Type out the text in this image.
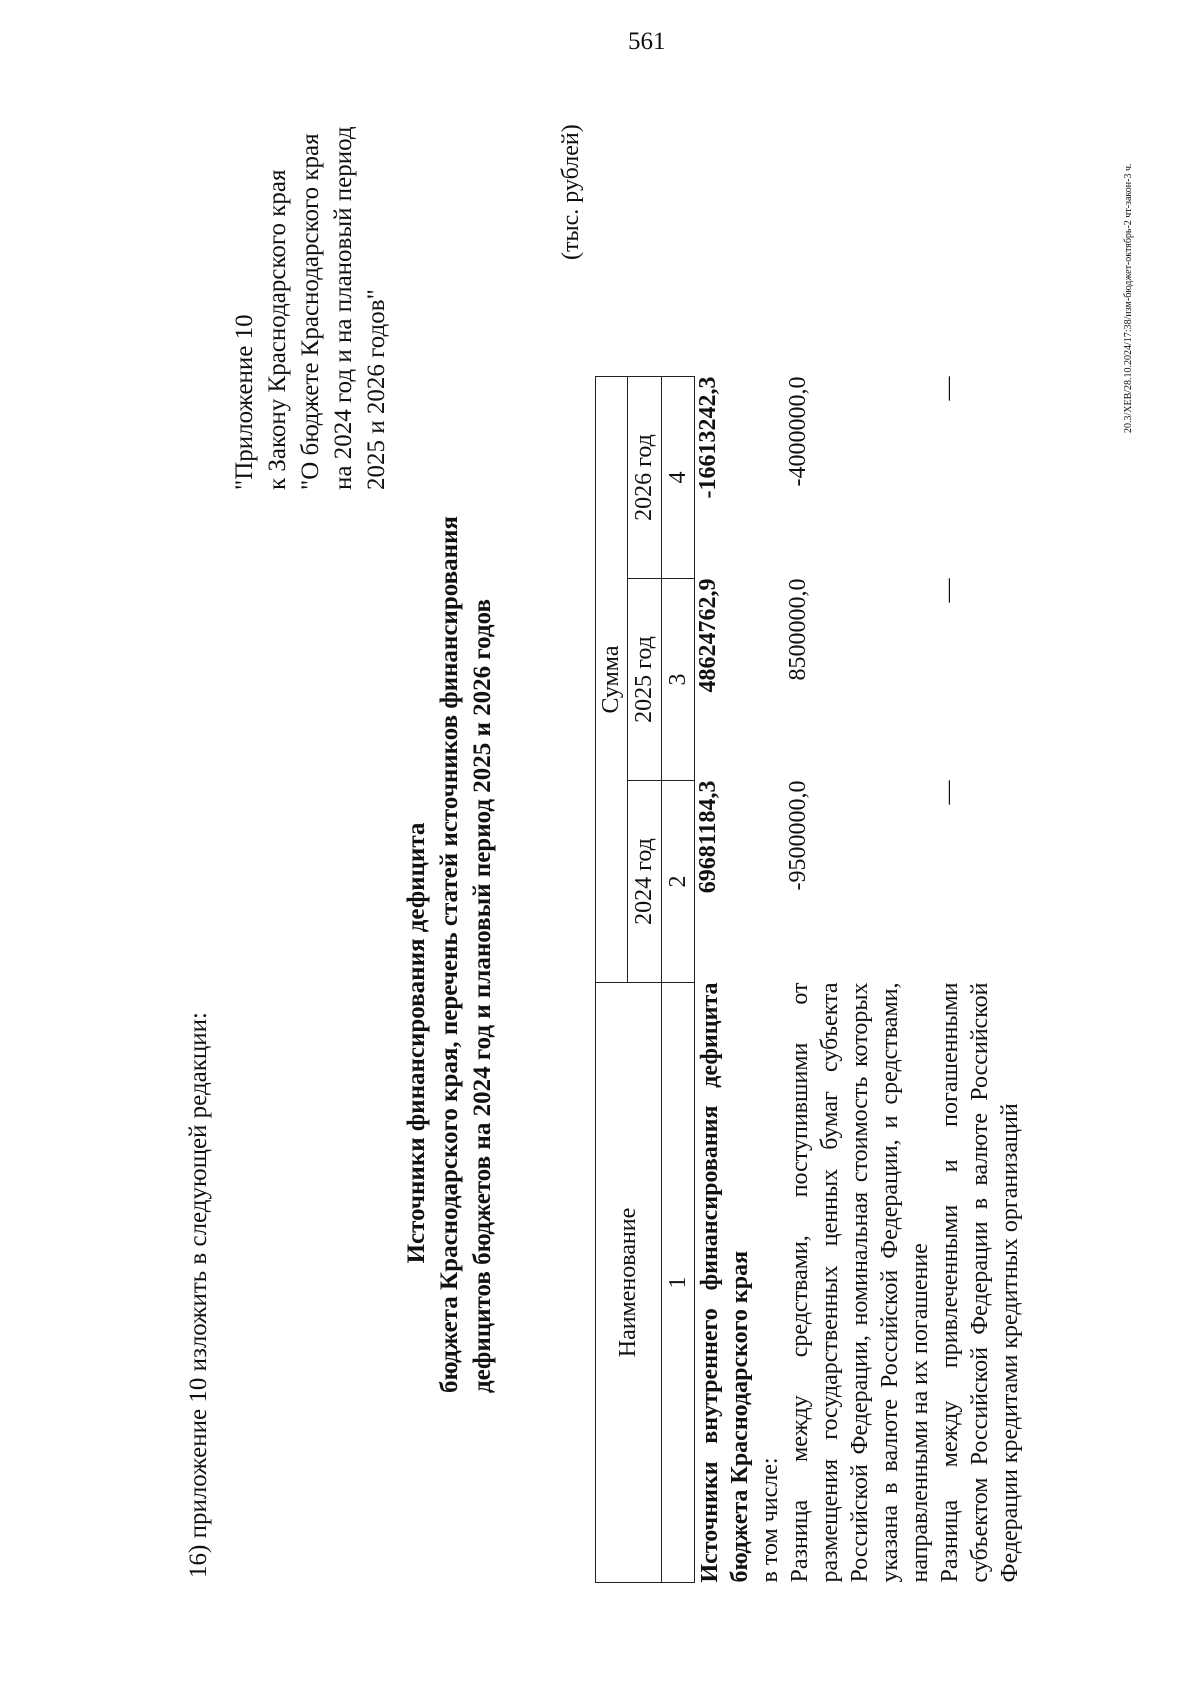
561
16) приложение 10 изложить в следующей редакции:
"Приложение 10 к Закону Краснодарского края "О бюджете Краснодарского края на 2024 год и на плановый период 2025 и 2026 годов"
Источники финансирования дефицита бюджета Краснодарского края, перечень статей источников финансирования дефицитов бюджетов на 2024 год и плановый период 2025 и 2026 годов
(тыс. рублей)
Наименование	Сумма		
	2024 год	2025 год	2026 год
1	2	3	4
Источники внутреннего финансирования дефицита бюджета Краснодарского края	69681184,3	48624762,9	-16613242,3
в том числе:			
Разница между средствами, поступившими от размещения государственных ценных бумаг субъекта Российской Федерации, номинальная стоимость которых указана в валюте Российской Федерации, и средствами, направленными на их погашение	-9500000,0	8500000,0	-4000000,0
Разница между привлеченными и погашенными субъектом Российской Федерации в валюте Российской Федерации кредитами кредитных организаций	—	—	—	20.3/XEB/28.10.2024/17:38/изм-бюджет-октябрь-2 чт-закон-3 ч.
